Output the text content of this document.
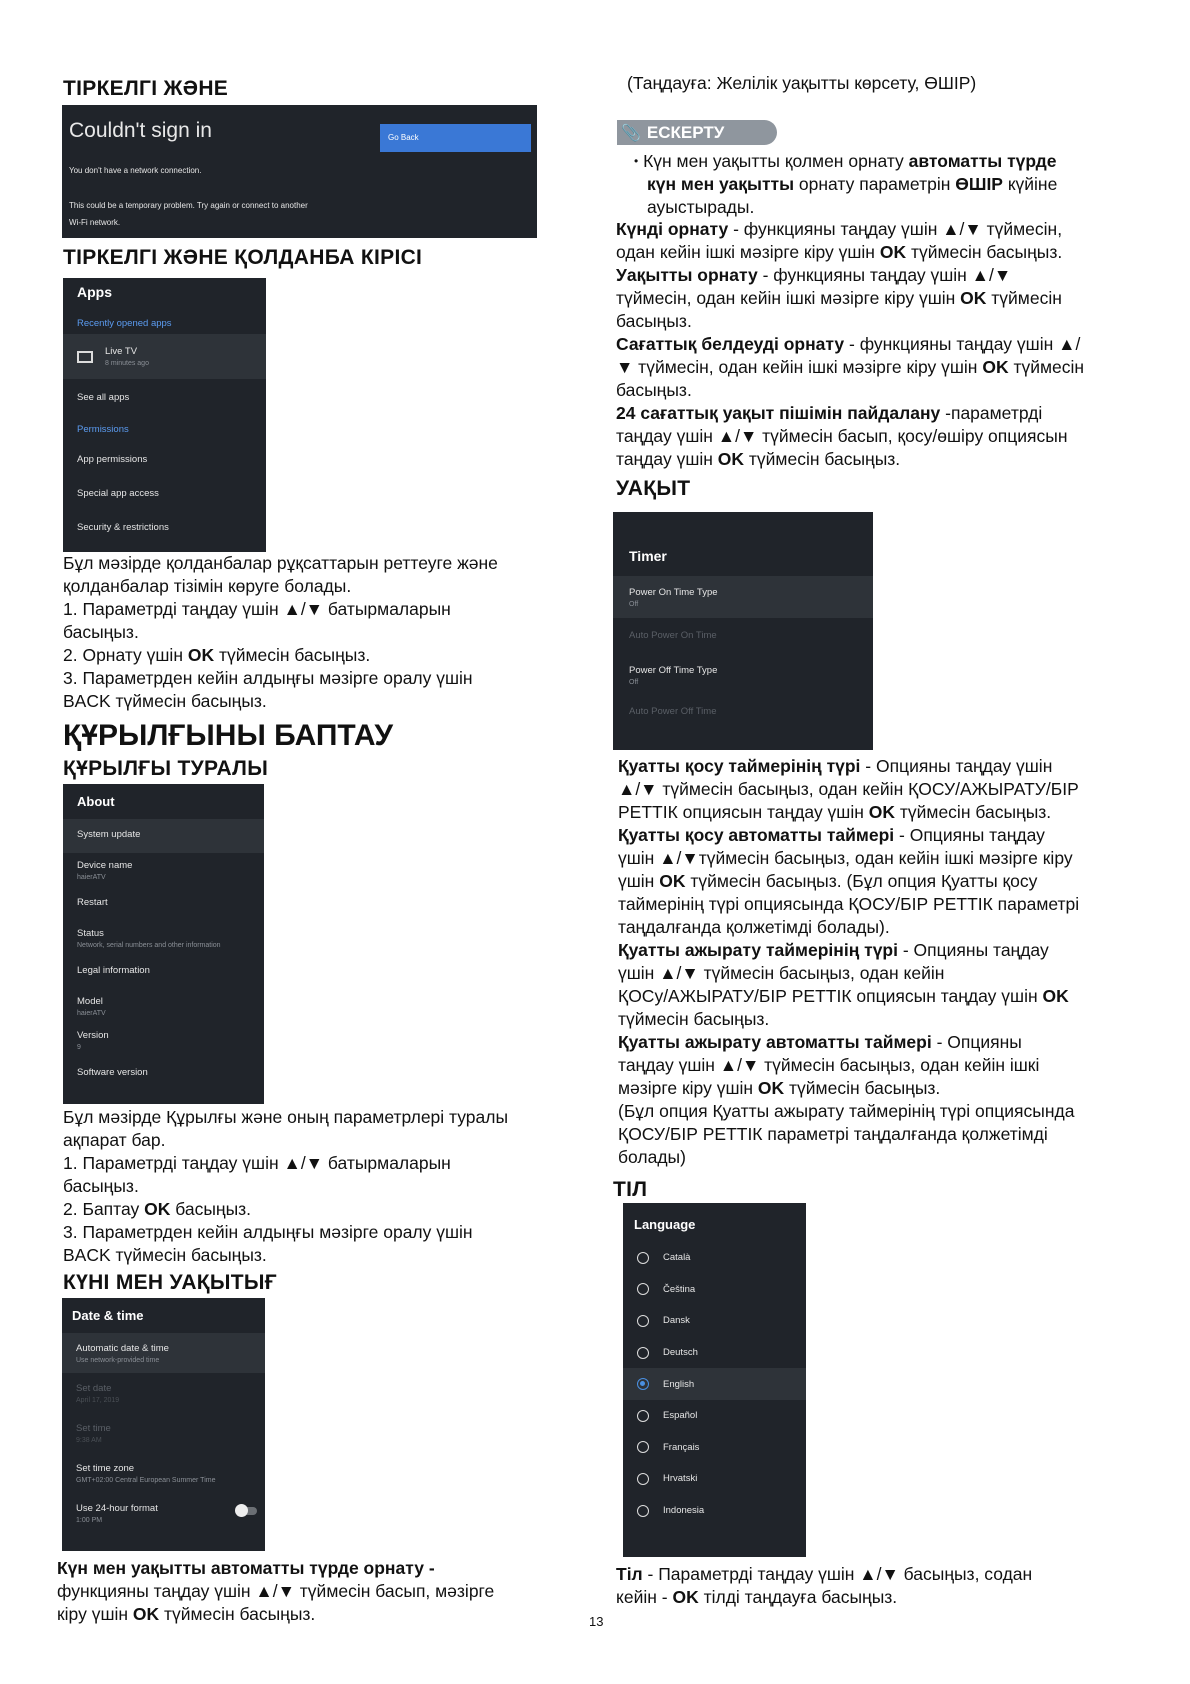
ТІРКЕЛГІ ЖӘНЕ
Couldn't sign in	Go Back
You don't have a network connection.
This could be a temporary problem. Try again or connect to another
Wi-Fi network.
ТІРКЕЛГІ ЖӘНЕ ҚОЛДАНБА КІРІСІ
Apps
Recently opened apps
Live TV
8 minutes ago
See all apps
Permissions
App permissions
Special app access
Security & restrictions

Бұл мәзірде қолданбалар рұқсаттарын реттеуге және

қолданбалар тізімін көруге болады.

1. Параметрді таңдау үшін ▲/▼ батырмаларын

басыңыз.

2. Орнату үшін OK түймесін басыңыз.

3. Параметрден кейін алдыңғы мәзірге оралу үшін

BACK түймесін басыңыз.

ҚҰРЫЛҒЫНЫ БАПТАУ
ҚҰРЫЛҒЫ ТУРАЛЫ
About
System update
Device name
haierATV
Restart
Status
Network, serial numbers and other information
Legal information
Model
haierATV
Version
9
Software version

Бұл мәзірде Құрылғы және оның параметрлері туралы

ақпарат бар.

1. Параметрді таңдау үшін ▲/▼ батырмаларын

басыңыз.

2. Баптау OK басыңыз.

3. Параметрден кейін алдыңғы мәзірге оралу үшін

BACK түймесін басыңыз.

КҮНІ МЕН УАҚЫТЫҒ
Date & time
Automatic date & time
Use network-provided time
Set date
April 17, 2019
Set time
9:38 AM
Set time zone
GMT+02:00 Central European Summer Time
Use 24-hour format
1:00 PM

Күн мен уақытты автоматты түрде орнату -

функцияны таңдау үшін ▲/▼ түймесін басып, мәзірге

кіру үшін OK түймесін басыңыз.	13

(Таңдауға: Желілік уақытты көрсету, ӨШІР)

📎 ЕСКЕРТУ

• Күн мен уақытты қолмен орнату автоматты түрде күн мен уақытты орнату параметрін ӨШІР күйіне ауыстырады.

Күнді орнату - функцияны таңдау үшін ▲/▼ түймесін,

одан кейін ішкі мәзірге кіру үшін OK түймесін басыңыз.

Уақытты орнату - функцияны таңдау үшін ▲/▼

түймесін, одан кейін ішкі мәзірге кіру үшін OK түймесін

басыңыз.

Сағаттық белдеуді орнату - функцияны таңдау үшін ▲/

▼ түймесін, одан кейін ішкі мәзірге кіру үшін OK түймесін

басыңыз.

24 сағаттық уақыт пішімін пайдалану -параметрді

таңдау үшін ▲/▼ түймесін басып, қосу/өшіру опциясын

таңдау үшін OK түймесін басыңыз.

УАҚЫТ
Timer
Power On Time Type
Off
Auto Power On Time
Power Off Time Type
Off
Auto Power Off Time

Қуатты қосу таймерінің түрі - Опцияны таңдау үшін

▲/▼ түймесін басыңыз, одан кейін ҚОСУ/АЖЫРАТУ/БІР

РЕТТІК опциясын таңдау үшін OK түймесін басыңыз.

Қуатты қосу автоматты таймері - Опцияны таңдау

үшін ▲/▼түймесін басыңыз, одан кейін ішкі мәзірге кіру

үшін OK түймесін басыңыз. (Бұл опция Қуатты қосу

таймерінің түрі опциясында ҚОСУ/БІР РЕТТІК параметрі

таңдалғанда қолжетімді болады).

Қуатты ажырату таймерінің түрі - Опцияны таңдау

үшін ▲/▼ түймесін басыңыз, одан кейін

ҚОСу/АЖЫРАТУ/БІР РЕТТІК опциясын таңдау үшін OK

түймесін басыңыз.

Қуатты ажырату автоматты таймері - Опцияны

таңдау үшін ▲/▼ түймесін басыңыз, одан кейін ішкі

мәзірге кіру үшін OK түймесін басыңыз.

(Бұл опция Қуатты ажырату таймерінің түрі опциясында

ҚОСУ/БІР РЕТТІК параметрі таңдалғанда қолжетімді

болады)

ТІЛ
Language
Català
Čeština
Dansk
Deutsch
English
Español
Français
Hrvatski
Indonesia

Тіл - Параметрді таңдау үшін ▲/▼ басыңыз, содан

кейін - OK тілді таңдауға басыңыз.
